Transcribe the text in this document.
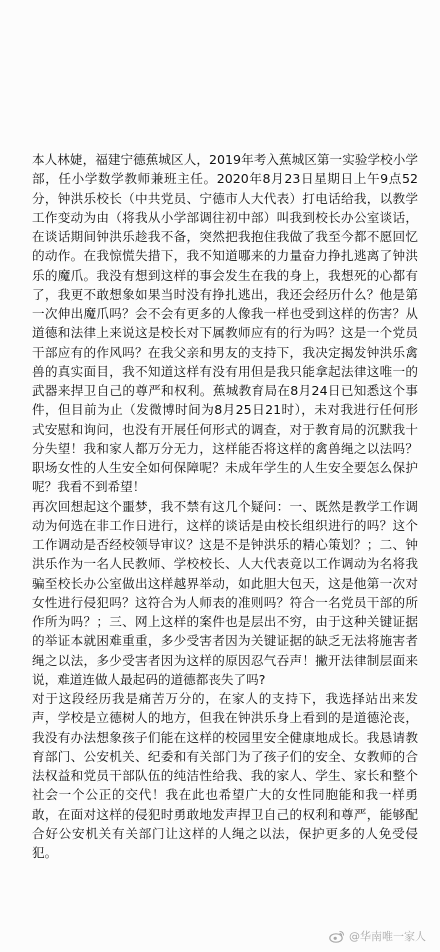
本人林婕，福建宁德蕉城区人，2019年考入蕉城区第一实验学校小学部，任小学数学教师兼班主任。2020年8月23日星期日上午9点52分，钟洪乐校长（中共党员、宁德市人大代表）打电话给我，以教学工作变动为由（将我从小学部调往初中部）叫我到校长办公室谈话，在谈话期间钟洪乐趁我不备，突然把我抱住我做了我至今都不愿回忆的动作。在我惊慌失措下，我不知道哪来的力量奋力挣扎逃离了钟洪乐的魔爪。我没有想到这样的事会发生在我的身上，我想死的心都有了，我更不敢想象如果当时没有挣扎逃出，我还会经历什么？他是第一次伸出魔爪吗？会不会有更多的人像我一样也受到这样的伤害？从道德和法律上来说这是校长对下属教师应有的行为吗？这是一个党员干部应有的作风吗？在我父亲和男友的支持下，我决定揭发钟洪乐禽兽的真实面目，我不知道这样有没有用但是我只能拿起法律这唯一的武器来捍卫自己的尊严和权利。蕉城教育局在8月24日已知悉这个事件，但目前为止（发微博时间为8月25日21时），未对我进行任何形式安慰和询问，也没有开展任何形式的调查，对于教育局的沉默我十分失望！我和家人都万分无力，这样能否将这样的禽兽绳之以法吗？职场女性的人生安全如何保障呢？未成年学生的人生安全要怎么保护呢？我看不到希望！

再次回想起这个噩梦，我不禁有这几个疑问：一、既然是教学工作调动为何选在非工作日进行，这样的谈话是由校长组织进行的吗？这个工作调动是否经校领导审议？这是不是钟洪乐的精心策划？；二、钟洪乐作为一名人民教师、学校校长、人大代表竟以工作调动为名将我骗至校长办公室做出这样越界举动，如此胆大包天，这是他第一次对女性进行侵犯吗？这符合为人师表的准则吗？符合一名党员干部的所作所为吗？；三、网上这样的案件也是层出不穷，由于这种关键证据的举证本就困难重重，多少受害者因为关键证据的缺乏无法将施害者绳之以法，多少受害者因为这样的原因忍气吞声！撇开法律制层面来说，难道连做人最起码的道德都丧失了吗?

对于这段经历我是痛苦万分的，在家人的支持下，我选择站出来发声，学校是立德树人的地方，但我在钟洪乐身上看到的是道德沦丧，我没有办法想象孩子们能在这样的校园里安全健康地成长。我恳请教育部门、公安机关、纪委和有关部门为了孩子们的安全、女教师的合法权益和党员干部队伍的纯洁性给我、我的家人、学生、家长和整个社会一个公正的交代！我在此也希望广大的女性同胞能和我一样勇敢，在面对这样的侵犯时勇敢地发声捍卫自己的权利和尊严，能够配合好公安机关有关部门让这样的人绳之以法，保护更多的人免受侵犯。

@华南唯一家人
